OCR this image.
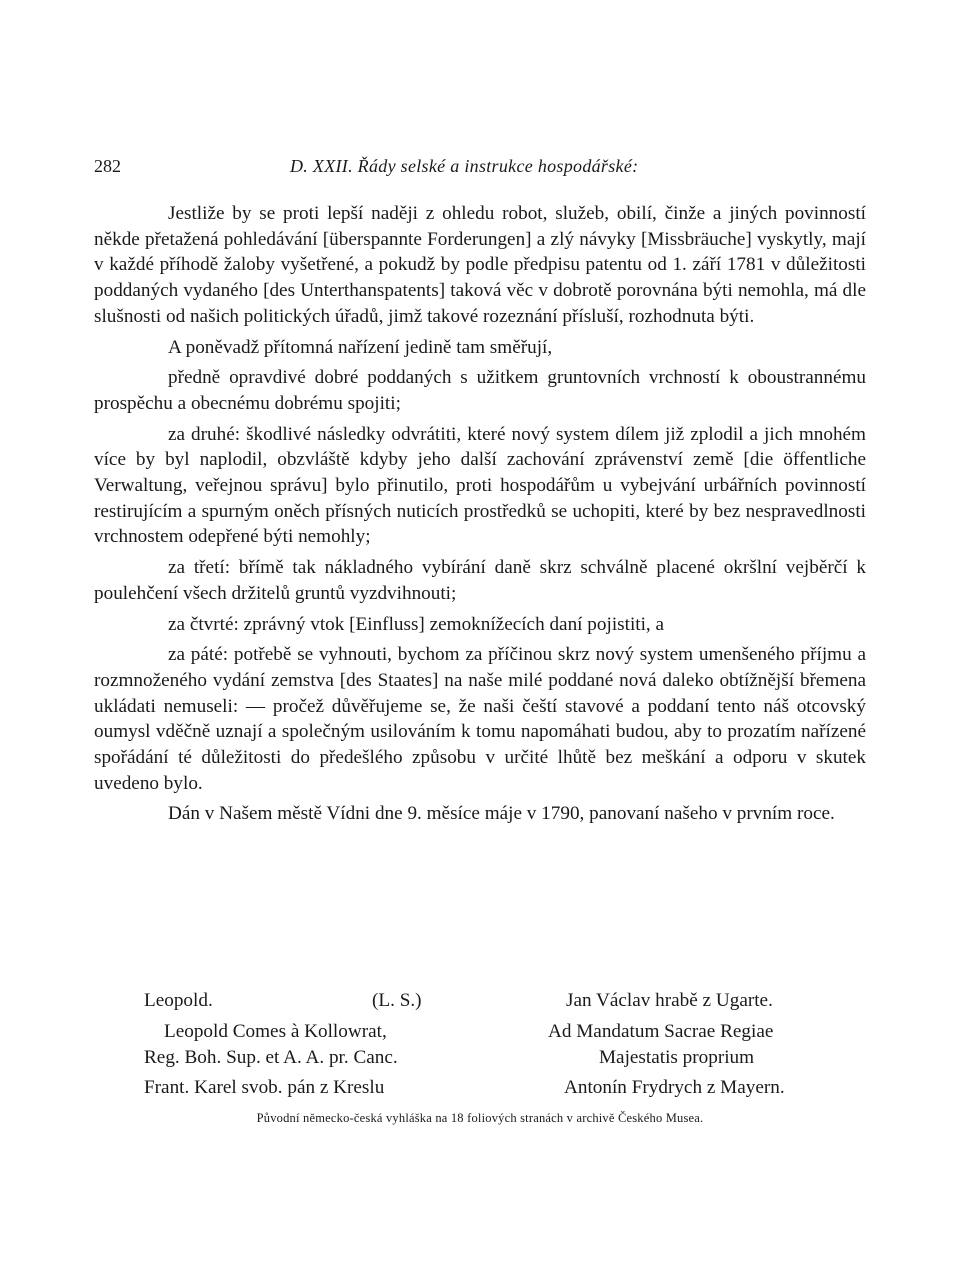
282	D. XXII. Řády selské a instrukce hospodářské:

Jestliže by se proti lepší naději z ohledu robot, služeb, obilí, činže a jiných povinností někde přetažená pohledávání [überspannte Forderungen] a zlý návyky [Missbräuche] vyskytly, mají v každé příhodě žaloby vyšetřené, a pokudž by podle předpisu patentu od 1. září 1781 v důležitosti poddaných vydaného [des Unterthanspatents] taková věc v dobrotě porovnána býti nemohla, má dle slušnosti od našich politických úřadů, jimž takové rozeznání přísluší, rozhodnuta býti.

A poněvadž přítomná nařízení jedině tam směřují,

předně opravdivé dobré poddaných s užitkem gruntovních vrchností k oboustrannému prospěchu a obecnému dobrému spojiti;

za druhé: škodlivé následky odvrátiti, které nový system dílem již zplodil a jich mnohém více by byl naplodil, obzvláště kdyby jeho další zachování zprávenství země [die öffentliche Verwaltung, veřejnou správu] bylo přinutilo, proti hospodářům u vybejvání urbářních povinností restirujícím a spurným oněch přísných nuticích prostředků se uchopiti, které by bez nespravedlnosti vrchnostem odepřené býti nemohly;

za třetí: břímě tak nákladného vybírání daně skrz schválně placené okršlní vejběrčí k poulehčení všech držitelů gruntů vyzdvihnouti;

za čtvrté: zprávný vtok [Einfluss] zemoknížecích daní pojistiti, a

za páté: potřebě se vyhnouti, bychom za příčinou skrz nový system umenšeného příjmu a rozmnoženého vydání zemstva [des Staates] na naše milé poddané nová daleko obtížnější břemena ukládati nemuseli: — pročež důvěřujeme se, že naši čeští stavové a poddaní tento náš otcovský oumysl vděčně uznají a společným usilováním k tomu napomáhati budou, aby to prozatím nařízené spořádání té důležitosti do předešlého způsobu v určité lhůtě bez meškání a odporu v skutek uvedeno bylo.

Dán v Našem městě Vídni dne 9. měsíce máje v 1790, panovaní našeho v prvním roce.

Leopold.	(L. S.)	Jan Václav hrabě z Ugarte.
Leopold Comes à Kollowrat,	Ad Mandatum Sacrae Regiae
Reg. Boh. Sup. et A. A. pr. Canc.	Majestatis proprium
Frant. Karel svob. pán z Kreslu	Antonín Frydrych z Mayern.
Původní německo-česká vyhláška na 18 foliových stranách v archivě Českého Musea.
